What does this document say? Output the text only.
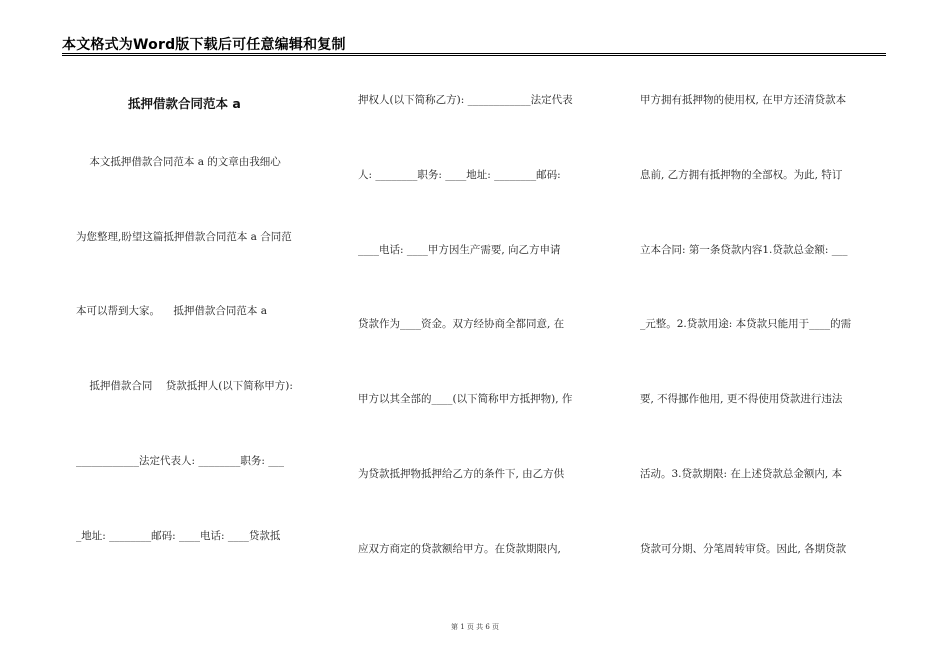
本文格式为Word版下载后可任意编辑和复制
抵押借款合同范本 a
本文抵押借款合同范本 a 的文章由我细心
为您整理,盼望这篇抵押借款合同范本 a 合同范
本可以帮到大家。    抵押借款合同范本 a
抵押借款合同    贷款抵押人(以下简称甲方):
____________法定代表人: ________职务: ___
_地址: ________邮码: ____电话: ____贷款抵
押权人(以下简称乙方): ____________法定代表
人: ________职务: ____地址: ________邮码:
____电话: ____甲方因生产需要, 向乙方申请
贷款作为____资金。双方经协商全都同意, 在
甲方以其全部的____(以下简称甲方抵押物), 作
为贷款抵押物抵押给乙方的条件下, 由乙方供
应双方商定的贷款额给甲方。在贷款期限内,
甲方拥有抵押物的使用权, 在甲方还清贷款本
息前, 乙方拥有抵押物的全部权。为此, 特订
立本合同: 第一条贷款内容1.贷款总金额: ___
_元整。2.贷款用途: 本贷款只能用于____的需
要, 不得挪作他用, 更不得使用贷款进行违法
活动。3.贷款期限: 在上述贷款总金额内, 本
贷款可分期、分笔周转审贷。因此, 各期贷款
第 1 页 共 6 页
